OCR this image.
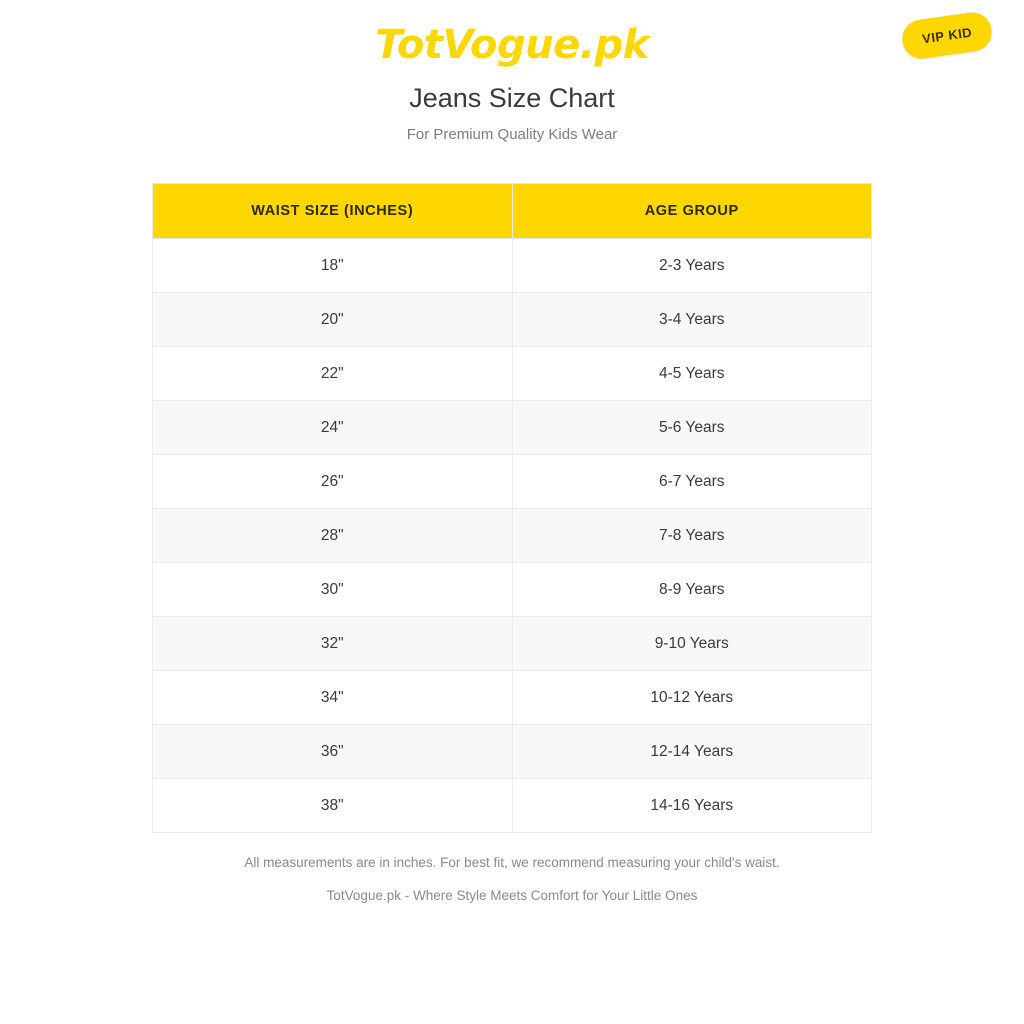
VIP KID
TotVogue.pk
Jeans Size Chart

For Premium Quality Kids Wear

WAIST SIZE (INCHES)	AGE GROUP
18"	2-3 Years
20"	3-4 Years
22"	4-5 Years
24"	5-6 Years
26"	6-7 Years
28"	7-8 Years
30"	8-9 Years
32"	9-10 Years
34"	10-12 Years
36"	12-14 Years
38"	14-16 Years

All measurements are in inches. For best fit, we recommend measuring your child's waist.

TotVogue.pk - Where Style Meets Comfort for Your Little Ones
